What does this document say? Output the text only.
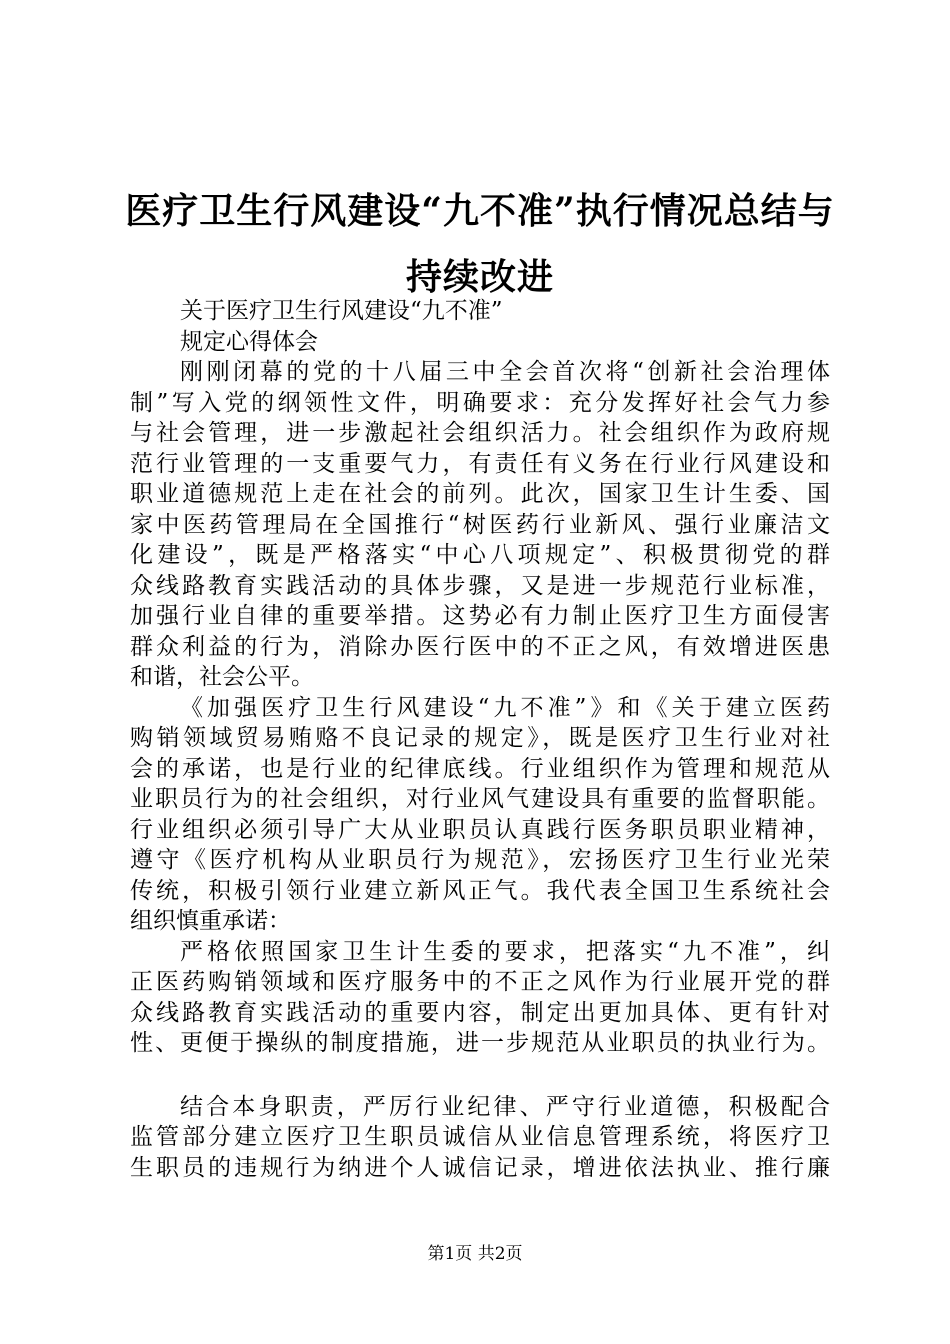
医疗卫生行风建设“九不准”执行情况总结与
持续改进
关于医疗卫生行风建设“九不准”
规定心得体会
刚刚闭幕的党的十八届三中全会首次将“创新社会治理体
制”写入党的纲领性文件，明确要求：充分发挥好社会气力参
与社会管理，进一步激起社会组织活力。社会组织作为政府规
范行业管理的一支重要气力，有责任有义务在行业行风建设和
职业道德规范上走在社会的前列。此次，国家卫生计生委、国
家中医药管理局在全国推行“树医药行业新风、强行业廉洁文
化建设”，既是严格落实“中心八项规定”、积极贯彻党的群
众线路教育实践活动的具体步骤，又是进一步规范行业标准，
加强行业自律的重要举措。这势必有力制止医疗卫生方面侵害
群众利益的行为，消除办医行医中的不正之风，有效增进医患
和谐，社会公平。
《加强医疗卫生行风建设“九不准”》和《关于建立医药
购销领域贸易贿赂不良记录的规定》，既是医疗卫生行业对社
会的承诺，也是行业的纪律底线。行业组织作为管理和规范从
业职员行为的社会组织，对行业风气建设具有重要的监督职能。
行业组织必须引导广大从业职员认真践行医务职员职业精神，
遵守《医疗机构从业职员行为规范》，宏扬医疗卫生行业光荣
传统，积极引领行业建立新风正气。我代表全国卫生系统社会
组织慎重承诺：
严格依照国家卫生计生委的要求，把落实“九不准”，纠
正医药购销领域和医疗服务中的不正之风作为行业展开党的群
众线路教育实践活动的重要内容，制定出更加具体、更有针对
性、更便于操纵的制度措施，进一步规范从业职员的执业行为。
结合本身职责，严厉行业纪律、严守行业道德，积极配合
监管部分建立医疗卫生职员诚信从业信息管理系统，将医疗卫
生职员的违规行为纳进个人诚信记录，增进依法执业、推行廉
第1页 共2页
